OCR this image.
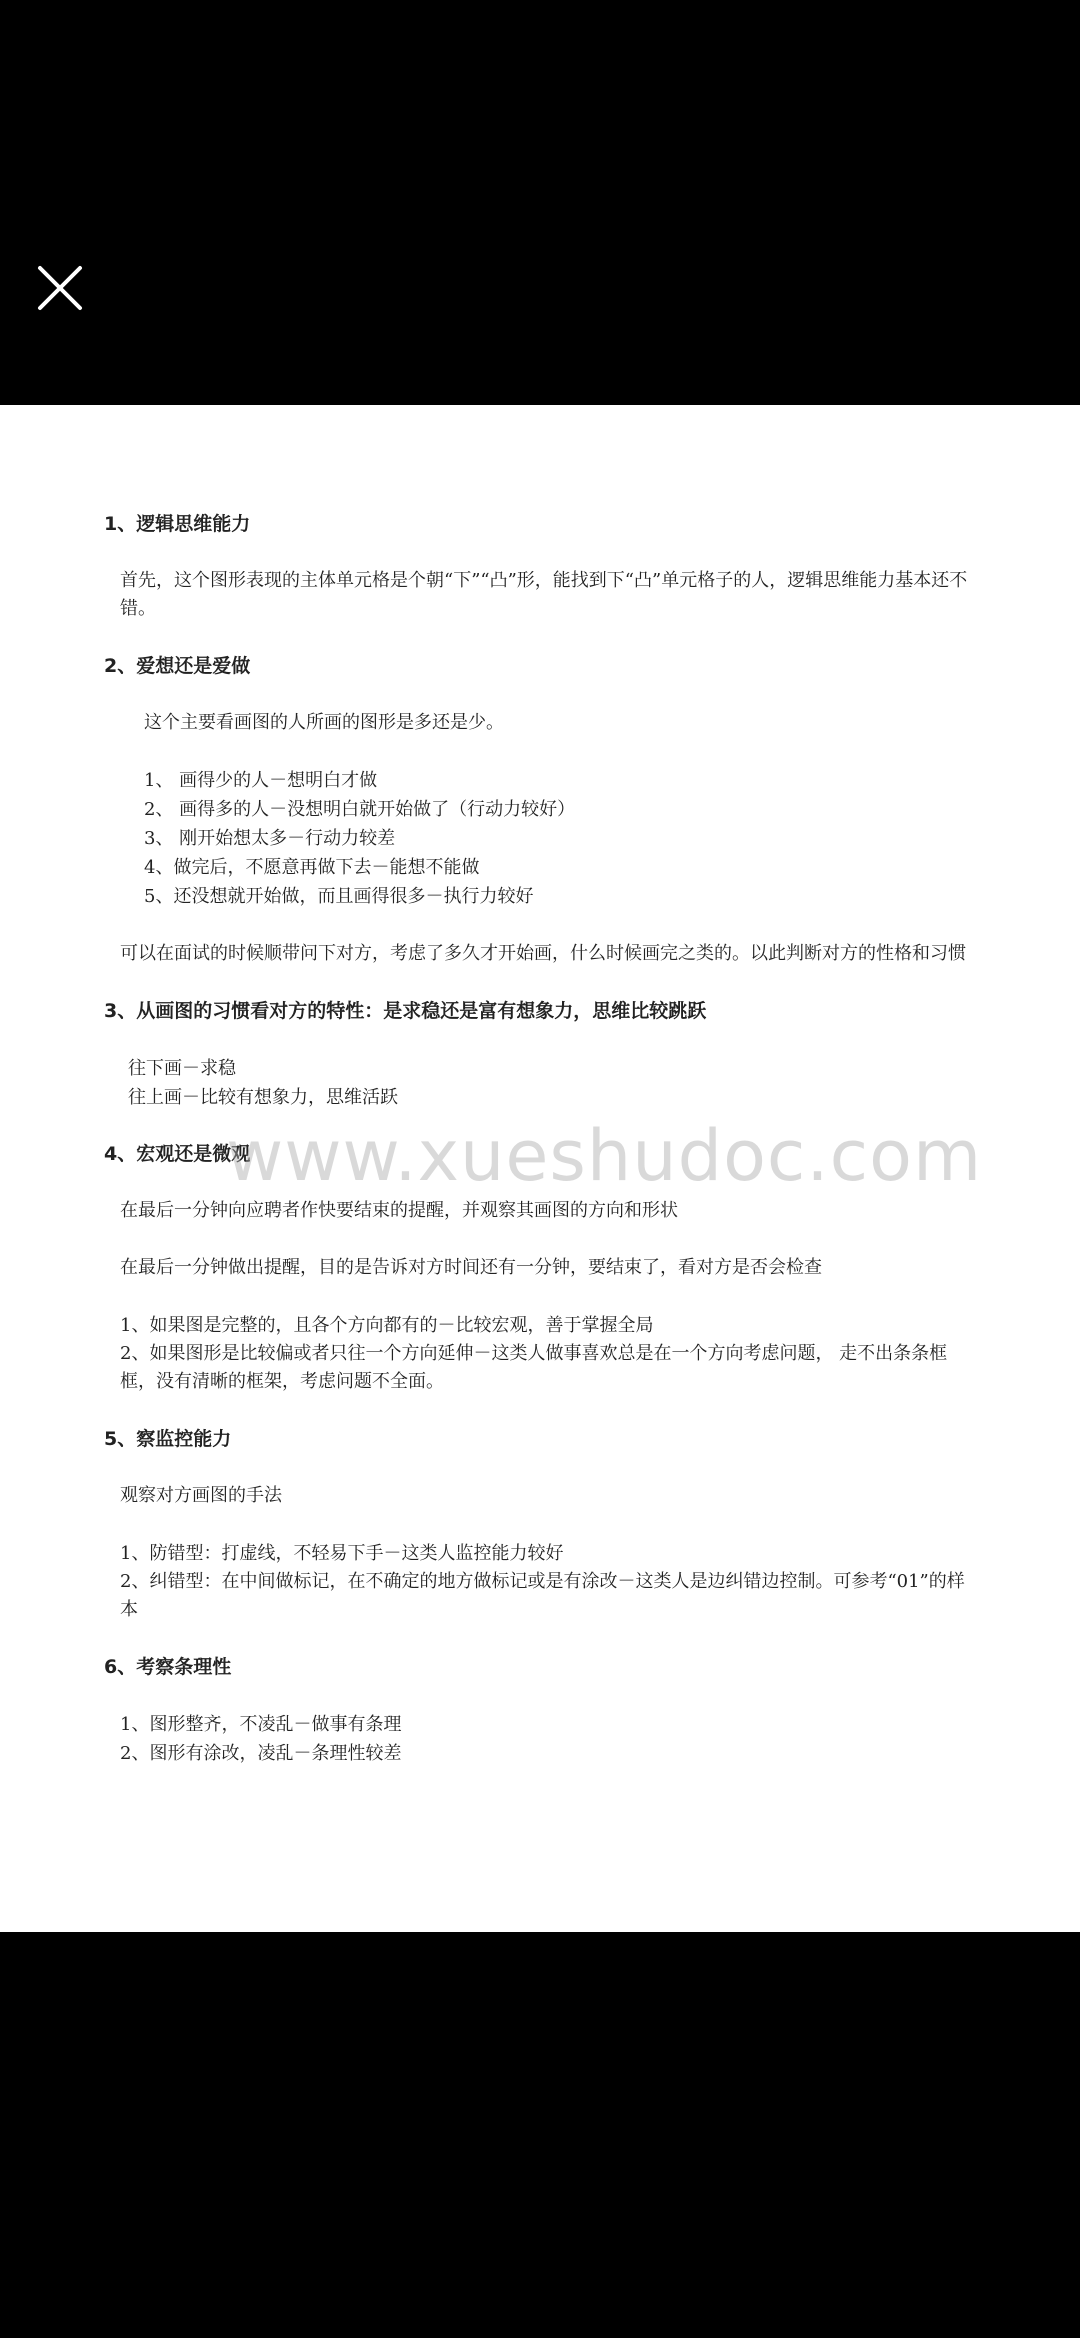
www.xueshudoc.com

1、逻辑思维能力

首先，这个图形表现的主体单元格是个朝“下”“凸”形，能找到下“凸”单元格子的人，逻辑思维能力基本还不错。

2、爱想还是爱做

这个主要看画图的人所画的图形是多还是少。

1、 画得少的人－想明白才做

2、 画得多的人－没想明白就开始做了（行动力较好）

3、 刚开始想太多－行动力较差

4、做完后，不愿意再做下去－能想不能做

5、还没想就开始做，而且画得很多－执行力较好

可以在面试的时候顺带问下对方，考虑了多久才开始画，什么时候画完之类的。以此判断对方的性格和习惯

3、从画图的习惯看对方的特性：是求稳还是富有想象力，思维比较跳跃

往下画－求稳

往上画－比较有想象力，思维活跃

4、宏观还是微观

在最后一分钟向应聘者作快要结束的提醒，并观察其画图的方向和形状

在最后一分钟做出提醒，目的是告诉对方时间还有一分钟，要结束了，看对方是否会检查

1、如果图是完整的，且各个方向都有的－比较宏观，善于掌握全局

2、如果图形是比较偏或者只往一个方向延伸－这类人做事喜欢总是在一个方向考虑问题， 走不出条条框框，没有清晰的框架，考虑问题不全面。

5、察监控能力

观察对方画图的手法

1、防错型：打虚线，不轻易下手－这类人监控能力较好

2、纠错型：在中间做标记，在不确定的地方做标记或是有涂改－这类人是边纠错边控制。可参考“01”的样本

6、考察条理性

1、图形整齐，不凌乱－做事有条理

2、图形有涂改，凌乱－条理性较差
